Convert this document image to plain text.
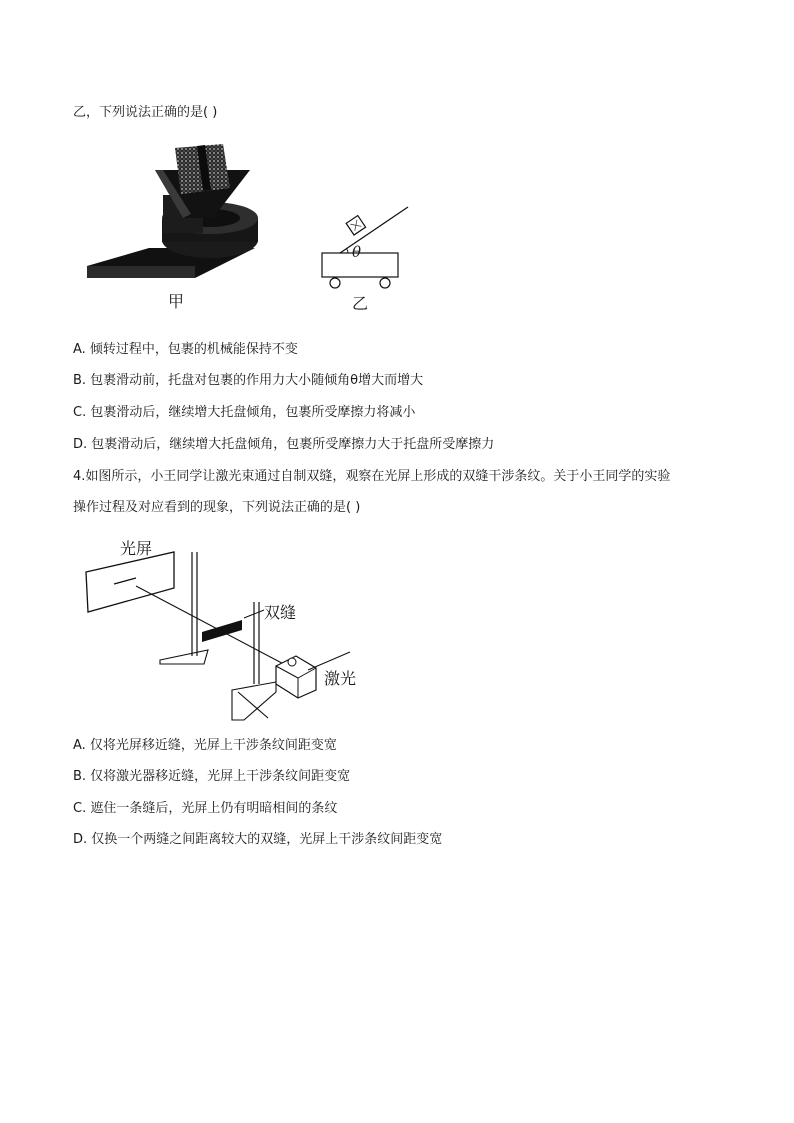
乙，下列说法正确的是( )
甲
θ
乙
A. 倾转过程中，包裹的机械能保持不变
B. 包裹滑动前，托盘对包裹的作用力大小随倾角θ增大而增大
C. 包裹滑动后，继续增大托盘倾角，包裹所受摩擦力将减小
D. 包裹滑动后，继续增大托盘倾角，包裹所受摩擦力大于托盘所受摩擦力
4.如图所示，小王同学让激光束通过自制双缝，观察在光屏上形成的双缝干涉条纹。关于小王同学的实验
操作过程及对应看到的现象，下列说法正确的是( )
光屏
双缝
激光
A. 仅将光屏移近缝，光屏上干涉条纹间距变宽
B. 仅将激光器移近缝，光屏上干涉条纹间距变宽
C. 遮住一条缝后，光屏上仍有明暗相间的条纹
D. 仅换一个两缝之间距离较大的双缝，光屏上干涉条纹间距变宽
